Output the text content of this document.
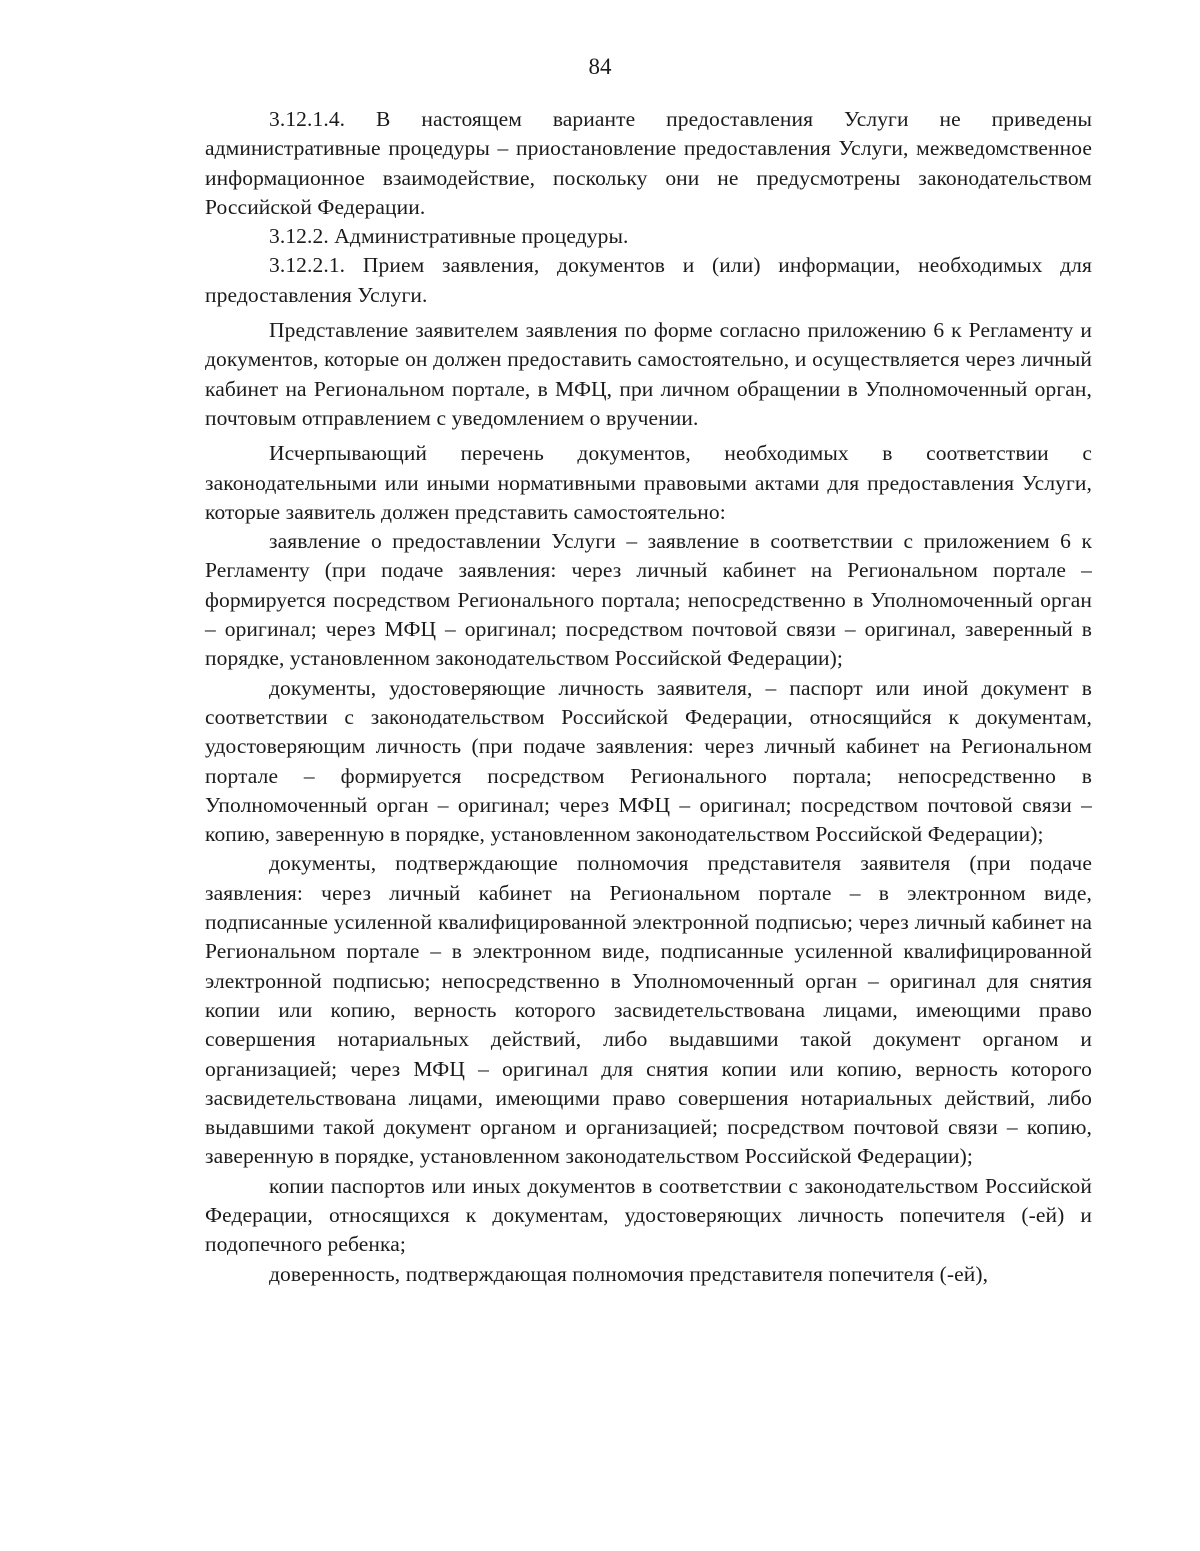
84

3.12.1.4. В настоящем варианте предоставления Услуги не приведены административные процедуры – приостановление предоставления Услуги, межведомственное информационное взаимодействие, поскольку они не предусмотрены законодательством Российской Федерации.

3.12.2. Административные процедуры.

3.12.2.1. Прием заявления, документов и (или) информации, необходимых для предоставления Услуги.

Представление заявителем заявления по форме согласно приложению 6 к Регламенту и документов, которые он должен предоставить самостоятельно, и осуществляется через личный кабинет на Региональном портале, в МФЦ, при личном обращении в Уполномоченный орган, почтовым отправлением с уведомлением о вручении.

Исчерпывающий перечень документов, необходимых в соответствии с законодательными или иными нормативными правовыми актами для предоставления Услуги, которые заявитель должен представить самостоятельно:

заявление о предоставлении Услуги – заявление в соответствии с приложением 6 к Регламенту (при подаче заявления: через личный кабинет на Региональном портале – формируется посредством Регионального портала; непосредственно в Уполномоченный орган – оригинал; через МФЦ – оригинал; посредством почтовой связи – оригинал, заверенный в порядке, установленном законодательством Российской Федерации);

документы, удостоверяющие личность заявителя, – паспорт или иной документ в соответствии с законодательством Российской Федерации, относящийся к документам, удостоверяющим личность (при подаче заявления: через личный кабинет на Региональном портале – формируется посредством Регионального портала; непосредственно в Уполномоченный орган – оригинал; через МФЦ – оригинал; посредством почтовой связи – копию, заверенную в порядке, установленном законодательством Российской Федерации);

документы, подтверждающие полномочия представителя заявителя (при подаче заявления: через личный кабинет на Региональном портале – в электронном виде, подписанные усиленной квалифицированной электронной подписью; через личный кабинет на Региональном портале – в электронном виде, подписанные усиленной квалифицированной электронной подписью; непосредственно в Уполномоченный орган – оригинал для снятия копии или копию, верность которого засвидетельствована лицами, имеющими право совершения нотариальных действий, либо выдавшими такой документ органом и организацией; через МФЦ – оригинал для снятия копии или копию, верность которого засвидетельствована лицами, имеющими право совершения нотариальных действий, либо выдавшими такой документ органом и организацией; посредством почтовой связи – копию, заверенную в порядке, установленном законодательством Российской Федерации);

копии паспортов или иных документов в соответствии с законодательством Российской Федерации, относящихся к документам, удостоверяющих личность попечителя (-ей) и подопечного ребенка;

доверенность, подтверждающая полномочия представителя попечителя (-ей),
